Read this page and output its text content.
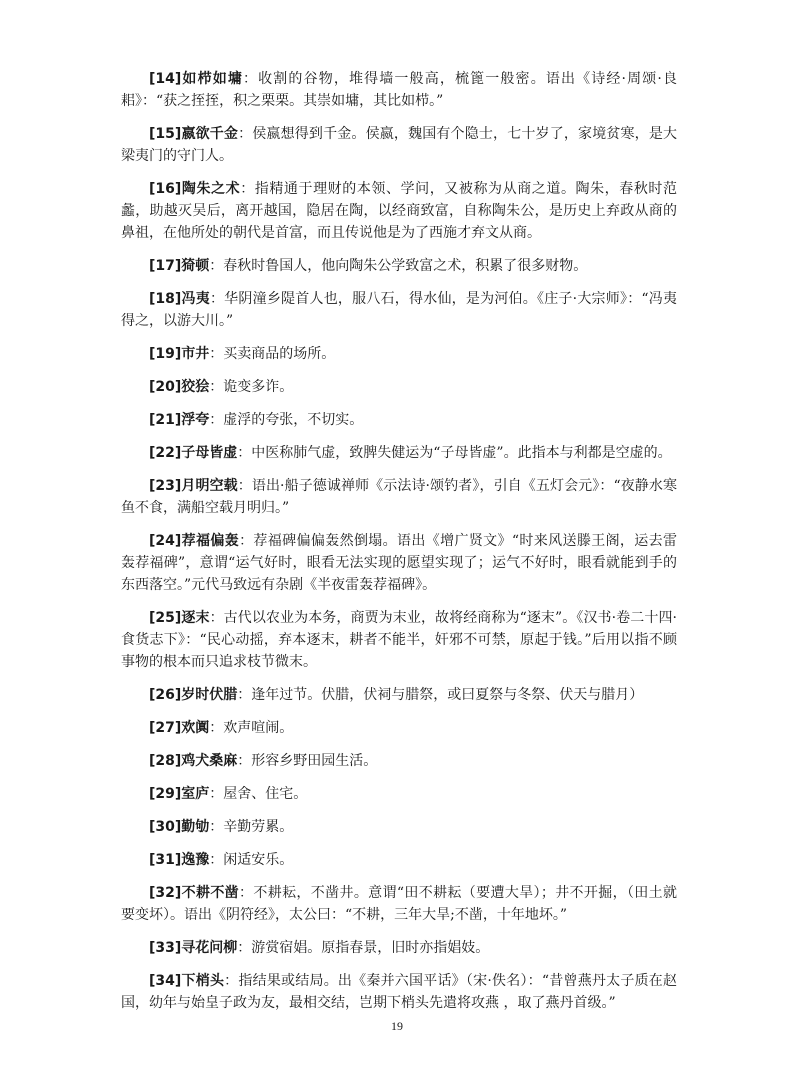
[14]如栉如墉：收割的谷物，堆得墙一般高，梳篦一般密。语出《诗经·周颂·良耜》：“获之挃挃，积之栗栗。其崇如墉，其比如栉。”

[15]嬴欲千金：侯嬴想得到千金。侯嬴，魏国有个隐士，七十岁了，家境贫寒，是大梁夷门的守门人。

[16]陶朱之术：指精通于理财的本领、学问，又被称为从商之道。陶朱，春秋时范蠡，助越灭吴后，离开越国，隐居在陶，以经商致富，自称陶朱公，是历史上弃政从商的鼻祖，在他所处的朝代是首富，而且传说他是为了西施才弃文从商。

[17]猗顿：春秋时鲁国人，他向陶朱公学致富之术，积累了很多财物。

[18]冯夷：华阴潼乡隄首人也，服八石，得水仙，是为河伯。《庄子·大宗师》：“冯夷得之，以游大川。”

[19]市井：买卖商品的场所。

[20]狡狯：诡变多诈。

[21]浮夸：虚浮的夸张，不切实。

[22]子母皆虚：中医称肺气虚，致脾失健运为“子母皆虚”。此指本与利都是空虚的。

[23]月明空载：语出·船子德诚禅师《示法诗·颂钓者》，引自《五灯会元》：“夜静水寒鱼不食，满船空载月明归。”

[24]荐福偏轰：荐福碑偏偏轰然倒塌。语出《增广贤文》“时来风送滕王阁，运去雷轰荐福碑”，意谓“运气好时，眼看无法实现的愿望实现了；运气不好时，眼看就能到手的东西落空。”元代马致远有杂剧《半夜雷轰荐福碑》。

[25]逐末：古代以农业为本务，商贾为末业，故将经商称为“逐末”。《汉书·卷二十四·食货志下》：“民心动摇，弃本逐末，耕者不能半，奸邪不可禁，原起于钱。”后用以指不顾事物的根本而只追求枝节微末。

[26]岁时伏腊：逢年过节。伏腊，伏祠与腊祭，或曰夏祭与冬祭、伏天与腊月）

[27]欢阗：欢声喧闹。

[28]鸡犬桑麻：形容乡野田园生活。

[29]室庐：屋舍、住宅。

[30]勤劬：辛勤劳累。

[31]逸豫：闲适安乐。

[32]不耕不凿：不耕耘，不凿井。意谓“田不耕耘（要遭大旱）；井不开掘，（田土就要变坏）。语出《阴符经》，太公曰：“不耕，三年大旱;不凿，十年地坏。”

[33]寻花问柳：游赏宿娼。原指春景，旧时亦指娼妓。

[34]下梢头：指结果或结局。出《秦并六国平话》（宋·佚名）：“昔曾燕丹太子质在赵国，幼年与始皇子政为友，最相交结，岂期下梢头先遣将攻燕 ，取了燕丹首级。”

19
